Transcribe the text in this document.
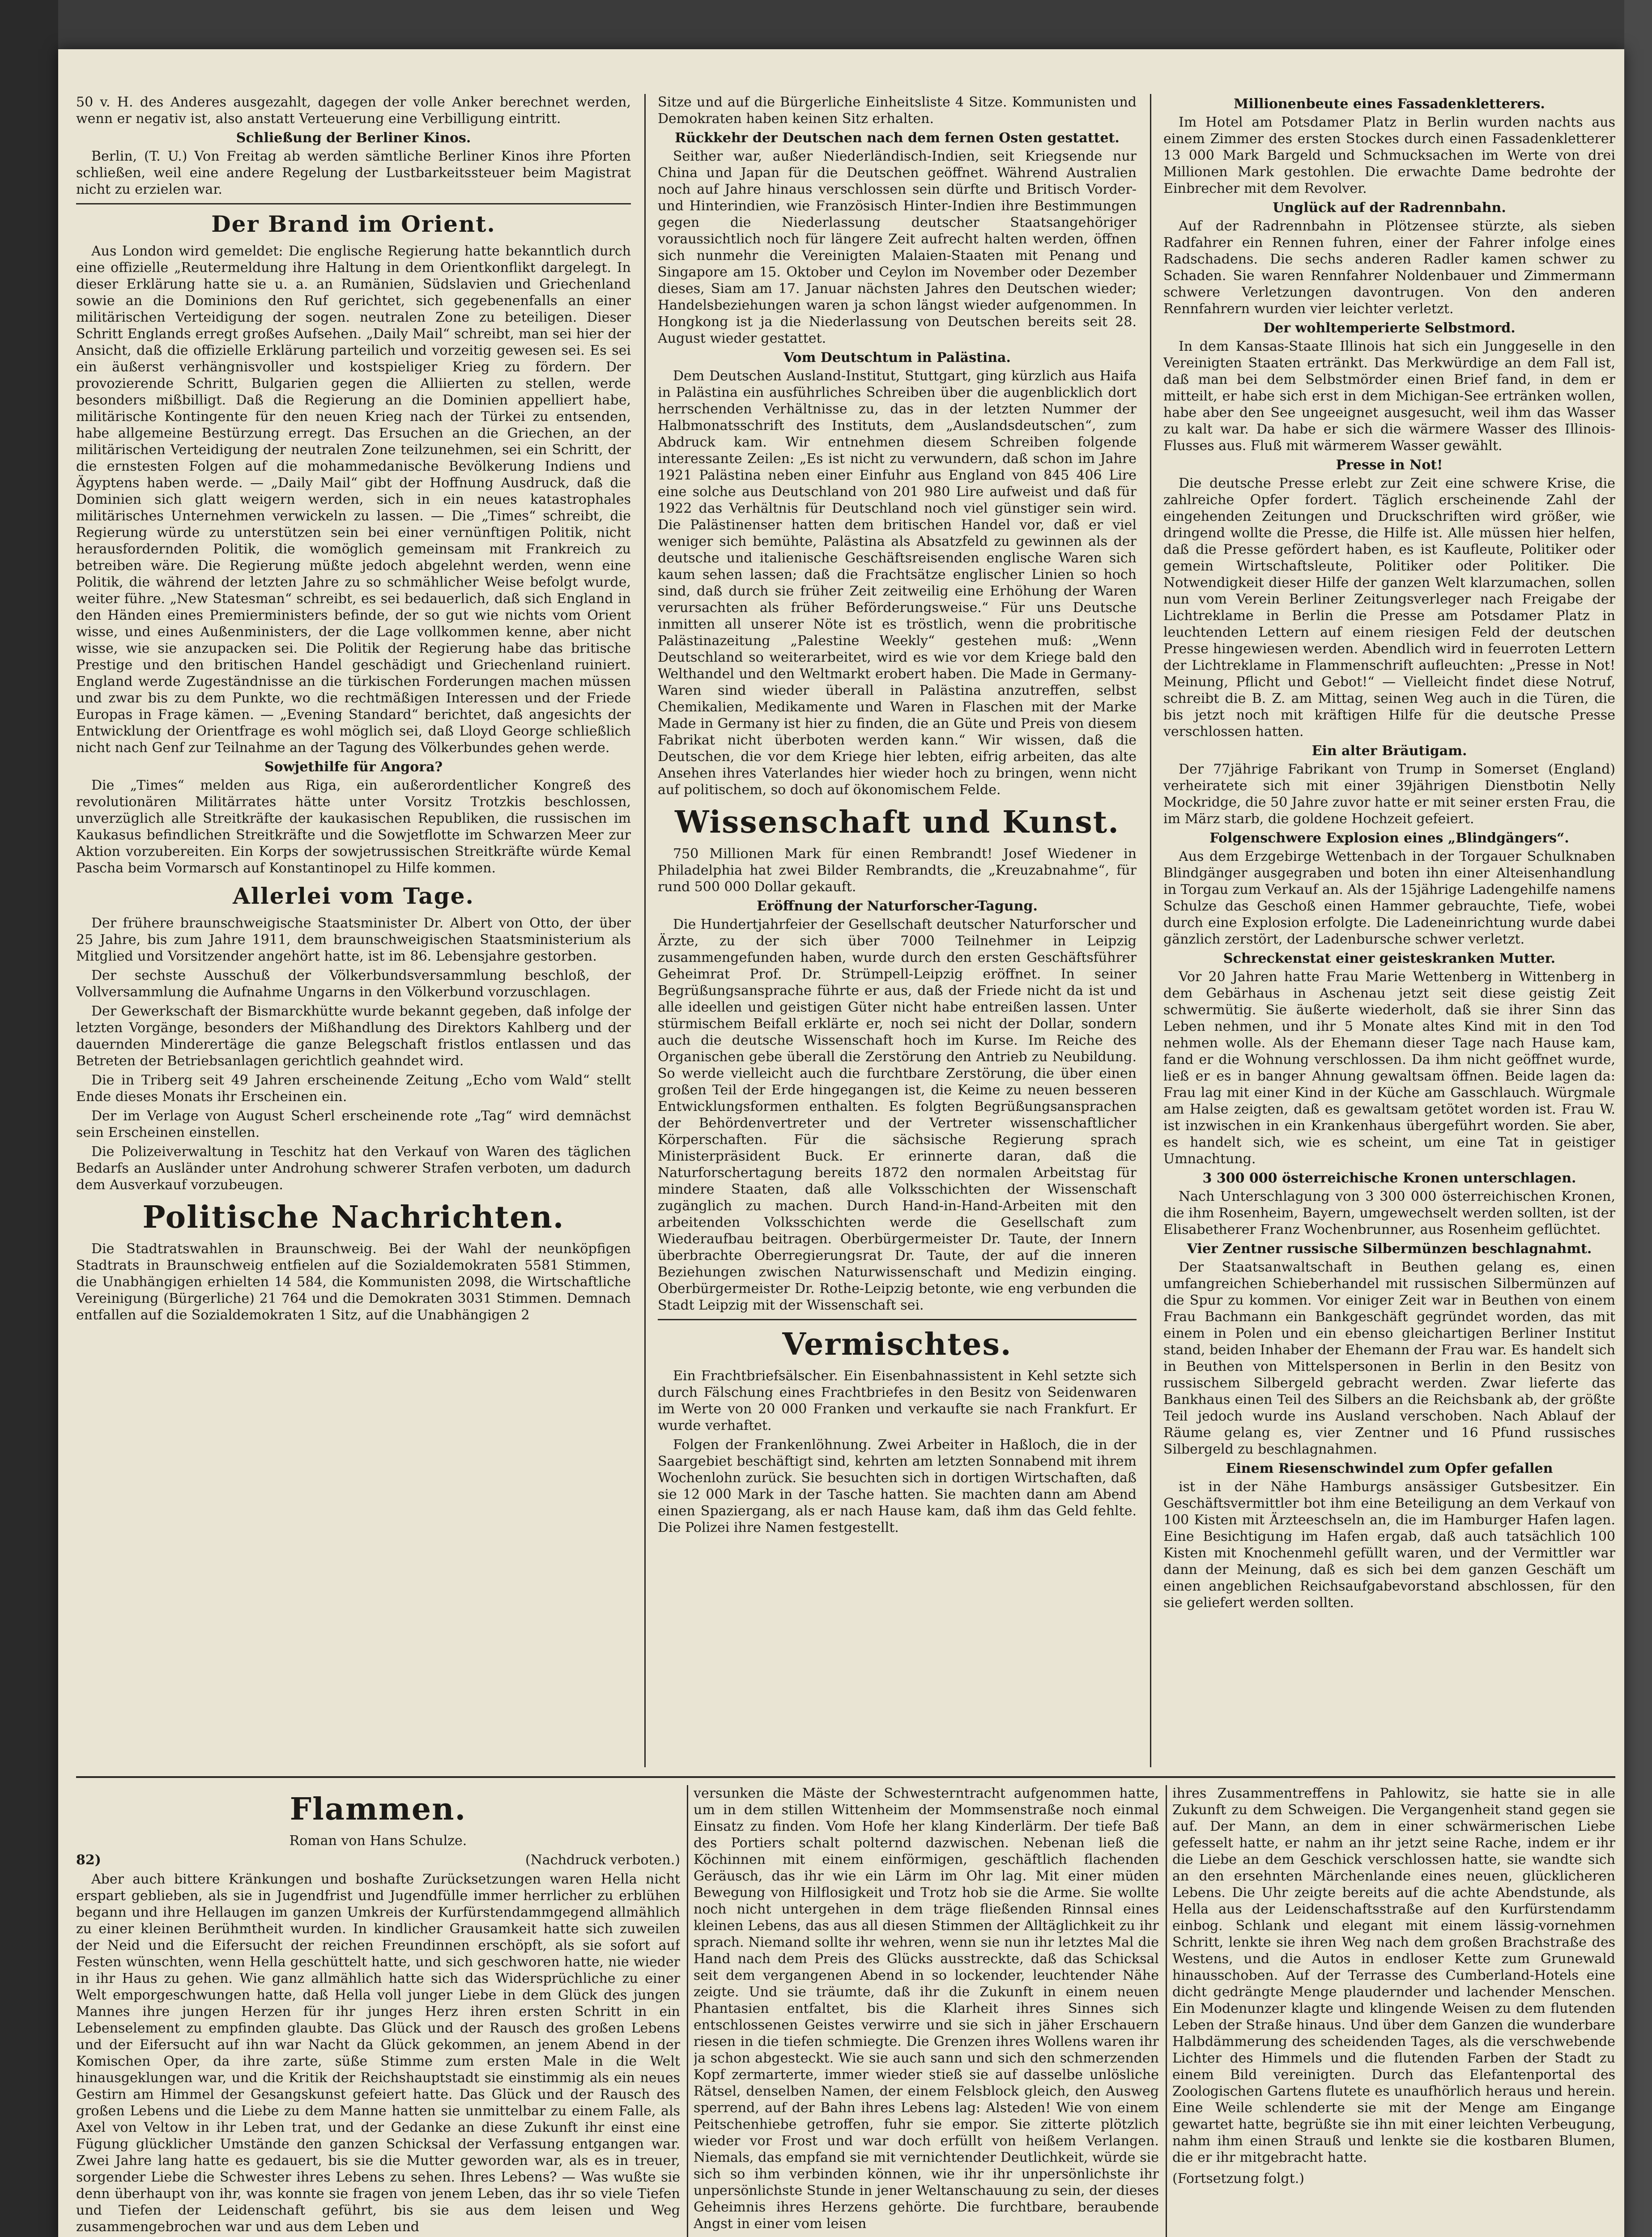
50 v. H. des Anderes ausgezahlt, dagegen der volle Anker berechnet werden, wenn er negativ ist, also anstatt Verteuerung eine Verbilligung eintritt.

Schließung der Berliner Kinos.

Berlin, (T. U.) Von Freitag ab werden sämtliche Berliner Kinos ihre Pforten schließen, weil eine andere Regelung der Lustbarkeitssteuer beim Magistrat nicht zu erzielen war.

Der Brand im Orient.

Aus London wird gemeldet: Die englische Regierung hatte bekanntlich durch eine offizielle „Reutermeldung ihre Haltung in dem Orientkonflikt dargelegt. In dieser Erklärung hatte sie u. a. an Rumänien, Südslavien und Griechenland sowie an die Dominions den Ruf gerichtet, sich gegebenenfalls an einer militärischen Verteidigung der sogen. neutralen Zone zu beteiligen. Dieser Schritt Englands erregt großes Aufsehen. „Daily Mail“ schreibt, man sei hier der Ansicht, daß die offizielle Erklärung parteilich und vorzeitig gewesen sei. Es sei ein äußerst verhängnisvoller und kostspieliger Krieg zu fördern. Der provozierende Schritt, Bulgarien gegen die Alliierten zu stellen, werde besonders mißbilligt. Daß die Regierung an die Dominien appelliert habe, militärische Kontingente für den neuen Krieg nach der Türkei zu entsenden, habe allgemeine Bestürzung erregt. Das Ersuchen an die Griechen, an der militärischen Verteidigung der neutralen Zone teilzunehmen, sei ein Schritt, der die ernstesten Folgen auf die mohammedanische Bevölkerung Indiens und Ägyptens haben werde. — „Daily Mail“ gibt der Hoffnung Ausdruck, daß die Dominien sich glatt weigern werden, sich in ein neues katastrophales militärisches Unternehmen verwickeln zu lassen. — Die „Times“ schreibt, die Regierung würde zu unterstützen sein bei einer vernünftigen Politik, nicht herausfordernden Politik, die womöglich gemeinsam mit Frankreich zu betreiben wäre. Die Regierung müßte jedoch abgelehnt werden, wenn eine Politik, die während der letzten Jahre zu so schmählicher Weise befolgt wurde, weiter führe. „New Statesman“ schreibt, es sei bedauerlich, daß sich England in den Händen eines Premierministers befinde, der so gut wie nichts vom Orient wisse, und eines Außenministers, der die Lage vollkommen kenne, aber nicht wisse, wie sie anzupacken sei. Die Politik der Regierung habe das britische Prestige und den britischen Handel geschädigt und Griechenland ruiniert. England werde Zugeständnisse an die türkischen Forderungen machen müssen und zwar bis zu dem Punkte, wo die rechtmäßigen Interessen und der Friede Europas in Frage kämen. — „Evening Standard“ berichtet, daß angesichts der Entwicklung der Orientfrage es wohl möglich sei, daß Lloyd George schließlich nicht nach Genf zur Teilnahme an der Tagung des Völkerbundes gehen werde.

Sowjethilfe für Angora?

Die „Times“ melden aus Riga, ein außerordentlicher Kongreß des revolutionären Militärrates hätte unter Vorsitz Trotzkis beschlossen, unverzüglich alle Streitkräfte der kaukasischen Republiken, die russischen im Kaukasus befindlichen Streitkräfte und die Sowjetflotte im Schwarzen Meer zur Aktion vorzubereiten. Ein Korps der sowjetrussischen Streitkräfte würde Kemal Pascha beim Vormarsch auf Konstantinopel zu Hilfe kommen.

Allerlei vom Tage.

Der frühere braunschweigische Staatsminister Dr. Albert von Otto, der über 25 Jahre, bis zum Jahre 1911, dem braunschweigischen Staatsministerium als Mitglied und Vorsitzender angehört hatte, ist im 86. Lebensjahre gestorben.

Der sechste Ausschuß der Völkerbundsversammlung beschloß, der Vollversammlung die Aufnahme Ungarns in den Völkerbund vorzuschlagen.

Der Gewerkschaft der Bismarckhütte wurde bekannt gegeben, daß infolge der letzten Vorgänge, besonders der Mißhandlung des Direktors Kahlberg und der dauernden Minderertäge die ganze Belegschaft fristlos entlassen und das Betreten der Betriebsanlagen gerichtlich geahndet wird.

Die in Triberg seit 49 Jahren erscheinende Zeitung „Echo vom Wald“ stellt Ende dieses Monats ihr Erscheinen ein.

Der im Verlage von August Scherl erscheinende rote „Tag“ wird demnächst sein Erscheinen einstellen.

Die Polizeiverwaltung in Teschitz hat den Verkauf von Waren des täglichen Bedarfs an Ausländer unter Androhung schwerer Strafen verboten, um dadurch dem Ausverkauf vorzubeugen.

Politische Nachrichten.

Die Stadtratswahlen in Braunschweig. Bei der Wahl der neunköpfigen Stadtrats in Braunschweig entfielen auf die Sozialdemokraten 5581 Stimmen, die Unabhängigen erhielten 14 584, die Kommunisten 2098, die Wirtschaftliche Vereinigung (Bürgerliche) 21 764 und die Demokraten 3031 Stimmen. Demnach entfallen auf die Sozialdemokraten 1 Sitz, auf die Unabhängigen 2

Sitze und auf die Bürgerliche Einheitsliste 4 Sitze. Kommunisten und Demokraten haben keinen Sitz erhalten.

Rückkehr der Deutschen nach dem fernen Osten gestattet.

Seither war, außer Niederländisch-Indien, seit Kriegsende nur China und Japan für die Deutschen geöffnet. Während Australien noch auf Jahre hinaus verschlossen sein dürfte und Britisch Vorder- und Hinterindien, wie Französisch Hinter-Indien ihre Bestimmungen gegen die Niederlassung deutscher Staatsangehöriger voraussichtlich noch für längere Zeit aufrecht halten werden, öffnen sich nunmehr die Vereinigten Malaien-Staaten mit Penang und Singapore am 15. Oktober und Ceylon im November oder Dezember dieses, Siam am 17. Januar nächsten Jahres den Deutschen wieder; Handelsbeziehungen waren ja schon längst wieder aufgenommen. In Hongkong ist ja die Niederlassung von Deutschen bereits seit 28. August wieder gestattet.

Vom Deutschtum in Palästina.

Dem Deutschen Ausland-Institut, Stuttgart, ging kürzlich aus Haifa in Palästina ein ausführliches Schreiben über die augenblicklich dort herrschenden Verhältnisse zu, das in der letzten Nummer der Halbmonatsschrift des Instituts, dem „Auslandsdeutschen“, zum Abdruck kam. Wir entnehmen diesem Schreiben folgende interessante Zeilen: „Es ist nicht zu verwundern, daß schon im Jahre 1921 Palästina neben einer Einfuhr aus England von 845 406 Lire eine solche aus Deutschland von 201 980 Lire aufweist und daß für 1922 das Verhältnis für Deutschland noch viel günstiger sein wird. Die Palästinenser hatten dem britischen Handel vor, daß er viel weniger sich bemühte, Palästina als Absatzfeld zu gewinnen als der deutsche und italienische Geschäftsreisenden englische Waren sich kaum sehen lassen; daß die Frachtsätze englischer Linien so hoch sind, daß durch sie früher Zeit zeitweilig eine Erhöhung der Waren verursachten als früher Beförderungsweise.“ Für uns Deutsche inmitten all unserer Nöte ist es tröstlich, wenn die probritische Palästinazeitung „Palestine Weekly“ gestehen muß: „Wenn Deutschland so weiterarbeitet, wird es wie vor dem Kriege bald den Welthandel und den Weltmarkt erobert haben. Die Made in Germany-Waren sind wieder überall in Palästina anzutreffen, selbst Chemikalien, Medikamente und Waren in Flaschen mit der Marke Made in Germany ist hier zu finden, die an Güte und Preis von diesem Fabrikat nicht überboten werden kann.“ Wir wissen, daß die Deutschen, die vor dem Kriege hier lebten, eifrig arbeiten, das alte Ansehen ihres Vaterlandes hier wieder hoch zu bringen, wenn nicht auf politischem, so doch auf ökonomischem Felde.

Wissenschaft und Kunst.

750 Millionen Mark für einen Rembrandt! Josef Wiedener in Philadelphia hat zwei Bilder Rembrandts, die „Kreuzabnahme“, für rund 500 000 Dollar gekauft.

Eröffnung der Naturforscher-Tagung.

Die Hundertjahrfeier der Gesellschaft deutscher Naturforscher und Ärzte, zu der sich über 7000 Teilnehmer in Leipzig zusammengefunden haben, wurde durch den ersten Geschäftsführer Geheimrat Prof. Dr. Strümpell-Leipzig eröffnet. In seiner Begrüßungsansprache führte er aus, daß der Friede nicht da ist und alle ideellen und geistigen Güter nicht habe entreißen lassen. Unter stürmischem Beifall erklärte er, noch sei nicht der Dollar, sondern auch die deutsche Wissenschaft hoch im Kurse. Im Reiche des Organischen gebe überall die Zerstörung den Antrieb zu Neubildung. So werde vielleicht auch die furchtbare Zerstörung, die über einen großen Teil der Erde hingegangen ist, die Keime zu neuen besseren Entwicklungsformen enthalten. Es folgten Begrüßungsansprachen der Behördenvertreter und der Vertreter wissenschaftlicher Körperschaften. Für die sächsische Regierung sprach Ministerpräsident Buck. Er erinnerte daran, daß die Naturforschertagung bereits 1872 den normalen Arbeitstag für mindere Staaten, daß alle Volksschichten der Wissenschaft zugänglich zu machen. Durch Hand-in-Hand-Arbeiten mit den arbeitenden Volksschichten werde die Gesellschaft zum Wiederaufbau beitragen. Oberbürgermeister Dr. Taute, der Innern überbrachte Oberregierungsrat Dr. Taute, der auf die inneren Beziehungen zwischen Naturwissenschaft und Medizin einging. Oberbürgermeister Dr. Rothe-Leipzig betonte, wie eng verbunden die Stadt Leipzig mit der Wissenschaft sei.

Vermischtes.

Ein Frachtbriefsälscher. Ein Eisenbahnassistent in Kehl setzte sich durch Fälschung eines Frachtbriefes in den Besitz von Seidenwaren im Werte von 20 000 Franken und verkaufte sie nach Frankfurt. Er wurde verhaftet.

Folgen der Frankenlöhnung. Zwei Arbeiter in Haßloch, die in der Saargebiet beschäftigt sind, kehrten am letzten Sonnabend mit ihrem Wochenlohn zurück. Sie besuchten sich in dortigen Wirtschaften, daß sie 12 000 Mark in der Tasche hatten. Sie machten dann am Abend einen Spaziergang, als er nach Hause kam, daß ihm das Geld fehlte. Die Polizei ihre Namen festgestellt.

Millionenbeute eines Fassadenkletterers.

Im Hotel am Potsdamer Platz in Berlin wurden nachts aus einem Zimmer des ersten Stockes durch einen Fassadenkletterer 13 000 Mark Bargeld und Schmucksachen im Werte von drei Millionen Mark gestohlen. Die erwachte Dame bedrohte der Einbrecher mit dem Revolver.

Unglück auf der Radrennbahn.

Auf der Radrennbahn in Plötzensee stürzte, als sieben Radfahrer ein Rennen fuhren, einer der Fahrer infolge eines Radschadens. Die sechs anderen Radler kamen schwer zu Schaden. Sie waren Rennfahrer Noldenbauer und Zimmermann schwere Verletzungen davontrugen. Von den anderen Rennfahrern wurden vier leichter verletzt.

Der wohltemperierte Selbstmord.

In dem Kansas-Staate Illinois hat sich ein Junggeselle in den Vereinigten Staaten ertränkt. Das Merkwürdige an dem Fall ist, daß man bei dem Selbstmörder einen Brief fand, in dem er mitteilt, er habe sich erst in dem Michigan-See ertränken wollen, habe aber den See ungeeignet ausgesucht, weil ihm das Wasser zu kalt war. Da habe er sich die wärmere Wasser des Illinois-Flusses aus. Fluß mit wärmerem Wasser gewählt.

Presse in Not!

Die deutsche Presse erlebt zur Zeit eine schwere Krise, die zahlreiche Opfer fordert. Täglich erscheinende Zahl der eingehenden Zeitungen und Druckschriften wird größer, wie dringend wollte die Presse, die Hilfe ist. Alle müssen hier helfen, daß die Presse gefördert haben, es ist Kaufleute, Politiker oder gemein Wirtschaftsleute, Politiker oder Politiker. Die Notwendigkeit dieser Hilfe der ganzen Welt klarzumachen, sollen nun vom Verein Berliner Zeitungsverleger nach Freigabe der Lichtreklame in Berlin die Presse am Potsdamer Platz in leuchtenden Lettern auf einem riesigen Feld der deutschen Presse hingewiesen werden. Abendlich wird in feuerroten Lettern der Lichtreklame in Flammenschrift aufleuchten: „Presse in Not! Meinung, Pflicht und Gebot!“ — Vielleicht findet diese Notruf, schreibt die B. Z. am Mittag, seinen Weg auch in die Türen, die bis jetzt noch mit kräftigen Hilfe für die deutsche Presse verschlossen hatten.

Ein alter Bräutigam.

Der 77jährige Fabrikant von Trump in Somerset (England) verheiratete sich mit einer 39jährigen Dienstbotin Nelly Mockridge, die 50 Jahre zuvor hatte er mit seiner ersten Frau, die im März starb, die goldene Hochzeit gefeiert.

Folgenschwere Explosion eines „Blindgängers“.

Aus dem Erzgebirge Wettenbach in der Torgauer Schulknaben Blindgänger ausgegraben und boten ihn einer Alteisenhandlung in Torgau zum Verkauf an. Als der 15jährige Ladengehilfe namens Schulze das Geschoß einen Hammer gebrauchte, Tiefe, wobei durch eine Explosion erfolgte. Die Ladeneinrichtung wurde dabei gänzlich zerstört, der Ladenbursche schwer verletzt.

Schreckenstat einer geisteskranken Mutter.

Vor 20 Jahren hatte Frau Marie Wettenberg in Wittenberg in dem Gebärhaus in Aschenau jetzt seit diese geistig Zeit schwermütig. Sie äußerte wiederholt, daß sie ihrer Sinn das Leben nehmen, und ihr 5 Monate altes Kind mit in den Tod nehmen wolle. Als der Ehemann dieser Tage nach Hause kam, fand er die Wohnung verschlossen. Da ihm nicht geöffnet wurde, ließ er es in banger Ahnung gewaltsam öffnen. Beide lagen da: Frau lag mit einer Kind in der Küche am Gasschlauch. Würgmale am Halse zeigten, daß es gewaltsam getötet worden ist. Frau W. ist inzwischen in ein Krankenhaus übergeführt worden. Sie aber, es handelt sich, wie es scheint, um eine Tat in geistiger Umnachtung.

3 300 000 österreichische Kronen unterschlagen.

Nach Unterschlagung von 3 300 000 österreichischen Kronen, die ihm Rosenheim, Bayern, umgewechselt werden sollten, ist der Elisabetherer Franz Wochenbrunner, aus Rosenheim geflüchtet.

Vier Zentner russische Silbermünzen beschlagnahmt.

Der Staatsanwaltschaft in Beuthen gelang es, einen umfangreichen Schieberhandel mit russischen Silbermünzen auf die Spur zu kommen. Vor einiger Zeit war in Beuthen von einem Frau Bachmann ein Bankgeschäft gegründet worden, das mit einem in Polen und ein ebenso gleichartigen Berliner Institut stand, beiden Inhaber der Ehemann der Frau war. Es handelt sich in Beuthen von Mittelspersonen in Berlin in den Besitz von russischem Silbergeld gebracht werden. Zwar lieferte das Bankhaus einen Teil des Silbers an die Reichsbank ab, der größte Teil jedoch wurde ins Ausland verschoben. Nach Ablauf der Räume gelang es, vier Zentner und 16 Pfund russisches Silbergeld zu beschlagnahmen.

Einem Riesenschwindel zum Opfer gefallen

ist in der Nähe Hamburgs ansässiger Gutsbesitzer. Ein Geschäftsvermittler bot ihm eine Beteiligung an dem Verkauf von 100 Kisten mit Ärzteeschseln an, die im Hamburger Hafen lagen. Eine Besichtigung im Hafen ergab, daß auch tatsächlich 100 Kisten mit Knochenmehl gefüllt waren, und der Vermittler war dann der Meinung, daß es sich bei dem ganzen Geschäft um einen angeblichen Reichsaufgabevorstand abschlossen, für den sie geliefert werden sollten.

Flammen.
Roman von Hans Schulze.
82)	(Nachdruck verboten.)

Aber auch bittere Kränkungen und boshafte Zurücksetzungen waren Hella nicht erspart geblieben, als sie in Jugendfrist und Jugendfülle immer herrlicher zu erblühen begann und ihre Hellaugen im ganzen Umkreis der Kurfürstendammgegend allmählich zu einer kleinen Berühmtheit wurden. In kindlicher Grausamkeit hatte sich zuweilen der Neid und die Eifersucht der reichen Freundinnen erschöpft, als sie sofort auf Festen wünschten, wenn Hella geschüttelt hatte, und sich geschworen hatte, nie wieder in ihr Haus zu gehen. Wie ganz allmählich hatte sich das Widersprüchliche zu einer Welt emporgeschwungen hatte, daß Hella voll junger Liebe in dem Glück des jungen Mannes ihre jungen Herzen für ihr junges Herz ihren ersten Schritt in ein Lebenselement zu empfinden glaubte. Das Glück und der Rausch des großen Lebens und der Eifersucht auf ihn war Nacht da Glück gekommen, an jenem Abend in der Komischen Oper, da ihre zarte, süße Stimme zum ersten Male in die Welt hinausgeklungen war, und die Kritik der Reichshauptstadt sie einstimmig als ein neues Gestirn am Himmel der Gesangskunst gefeiert hatte. Das Glück und der Rausch des großen Lebens und die Liebe zu dem Manne hatten sie unmittelbar zu einem Falle, als Axel von Veltow in ihr Leben trat, und der Gedanke an diese Zukunft ihr einst eine Fügung glücklicher Umstände den ganzen Schicksal der Verfassung entgangen war. Zwei Jahre lang hatte es gedauert, bis sie die Mutter geworden war, als es in treuer, sorgender Liebe die Schwester ihres Lebens zu sehen. Ihres Lebens? — Was wußte sie denn überhaupt von ihr, was konnte sie fragen von jenem Leben, das ihr so viele Tiefen und Tiefen der Leidenschaft geführt, bis sie aus dem leisen und Weg zusammengebrochen war und aus dem Leben und

versunken die Mäste der Schwesterntracht aufgenommen hatte, um in dem stillen Wittenheim der Mommsenstraße noch einmal Einsatz zu finden. Vom Hofe her klang Kinderlärm. Der tiefe Baß des Portiers schalt polternd dazwischen. Nebenan ließ die Köchinnen mit einem einförmigen, geschäftlich flachenden Geräusch, das ihr wie ein Lärm im Ohr lag. Mit einer müden Bewegung von Hilflosigkeit und Trotz hob sie die Arme. Sie wollte noch nicht untergehen in dem träge fließenden Rinnsal eines kleinen Lebens, das aus all diesen Stimmen der Alltäglichkeit zu ihr sprach. Niemand sollte ihr wehren, wenn sie nun ihr letztes Mal die Hand nach dem Preis des Glücks ausstreckte, daß das Schicksal seit dem vergangenen Abend in so lockender, leuchtender Nähe zeigte. Und sie träumte, daß ihr die Zukunft in einem neuen Phantasien entfaltet, bis die Klarheit ihres Sinnes sich entschlossenen Geistes verwirre und sie sich in jäher Erschauern riesen in die tiefen schmiegte. Die Grenzen ihres Wollens waren ihr ja schon abgesteckt. Wie sie auch sann und sich den schmerzenden Kopf zermarterte, immer wieder stieß sie auf dasselbe unlösliche Rätsel, denselben Namen, der einem Felsblock gleich, den Ausweg sperrend, auf der Bahn ihres Lebens lag: Alsteden! Wie von einem Peitschenhiebe getroffen, fuhr sie empor. Sie zitterte plötzlich wieder vor Frost und war doch erfüllt von heißem Verlangen. Niemals, das empfand sie mit vernichtender Deutlichkeit, würde sie sich so ihm verbinden können, wie ihr ihr unpersönlichste ihr unpersönlichste Stunde in jener Weltanschauung zu sein, der dieses Geheimnis ihres Herzens gehörte. Die furchtbare, beraubende Angst in einer vom leisen

ihres Zusammentreffens in Pahlowitz, sie hatte sie in alle Zukunft zu dem Schweigen. Die Vergangenheit stand gegen sie auf. Der Mann, an dem in einer schwärmerischen Liebe gefesselt hatte, er nahm an ihr jetzt seine Rache, indem er ihr die Liebe an dem Geschick verschlossen hatte, sie wandte sich an den ersehnten Märchenlande eines neuen, glücklicheren Lebens. Die Uhr zeigte bereits auf die achte Abendstunde, als Hella aus der Leidenschaftsstraße auf den Kurfürstendamm einbog. Schlank und elegant mit einem lässig-vornehmen Schritt, lenkte sie ihren Weg nach dem großen Brachstraße des Westens, und die Autos in endloser Kette zum Grunewald hinausschoben. Auf der Terrasse des Cumberland-Hotels eine dicht gedrängte Menge plaudernder und lachender Menschen. Ein Modenunzer klagte und klingende Weisen zu dem flutenden Leben der Straße hinaus. Und über dem Ganzen die wunderbare Halbdämmerung des scheidenden Tages, als die verschwebende Lichter des Himmels und die flutenden Farben der Stadt zu einem Bild vereinigten. Durch das Elefantenportal des Zoologischen Gartens flutete es unaufhörlich heraus und herein. Eine Weile schlenderte sie mit der Menge am Eingange gewartet hatte, begrüßte sie ihn mit einer leichten Verbeugung, nahm ihm einen Strauß und lenkte sie die kostbaren Blumen, die er ihr mitgebracht hatte.

(Fortsetzung folgt.)
